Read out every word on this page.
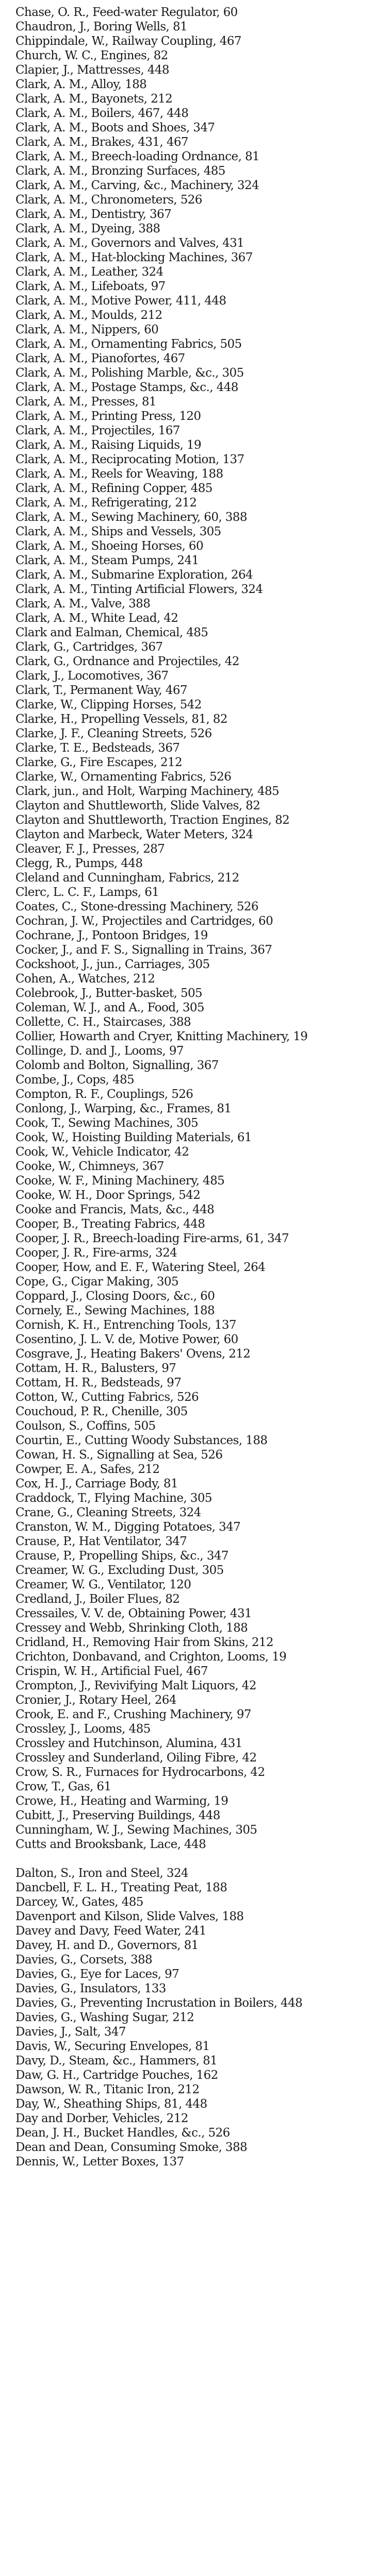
Chase, O. R., Feed-water Regulator, 60

Chaudron, J., Boring Wells, 81

Chippindale, W., Railway Coupling, 467

Church, W. C., Engines, 82

Clapier, J., Mattresses, 448

Clark, A. M., Alloy, 188

Clark, A. M., Bayonets, 212

Clark, A. M., Boilers, 467, 448

Clark, A. M., Boots and Shoes, 347

Clark, A. M., Brakes, 431, 467

Clark, A. M., Breech-loading Ordnance, 81

Clark, A. M., Bronzing Surfaces, 485

Clark, A. M., Carving, &c., Machinery, 324

Clark, A. M., Chronometers, 526

Clark, A. M., Dentistry, 367

Clark, A. M., Dyeing, 388

Clark, A. M., Governors and Valves, 431

Clark, A. M., Hat-blocking Machines, 367

Clark, A. M., Leather, 324

Clark, A. M., Lifeboats, 97

Clark, A. M., Motive Power, 411, 448

Clark, A. M., Moulds, 212

Clark, A. M., Nippers, 60

Clark, A. M., Ornamenting Fabrics, 505

Clark, A. M., Pianofortes, 467

Clark, A. M., Polishing Marble, &c., 305

Clark, A. M., Postage Stamps, &c., 448

Clark, A. M., Presses, 81

Clark, A. M., Printing Press, 120

Clark, A. M., Projectiles, 167

Clark, A. M., Raising Liquids, 19

Clark, A. M., Reciprocating Motion, 137

Clark, A. M., Reels for Weaving, 188

Clark, A. M., Refining Copper, 485

Clark, A. M., Refrigerating, 212

Clark, A. M., Sewing Machinery, 60, 388

Clark, A. M., Ships and Vessels, 305

Clark, A. M., Shoeing Horses, 60

Clark, A. M., Steam Pumps, 241

Clark, A. M., Submarine Exploration, 264

Clark, A. M., Tinting Artificial Flowers, 324

Clark, A. M., Valve, 388

Clark, A. M., White Lead, 42

Clark and Ealman, Chemical, 485

Clark, G., Cartridges, 367

Clark, G., Ordnance and Projectiles, 42

Clark, J., Locomotives, 367

Clark, T., Permanent Way, 467

Clarke, W., Clipping Horses, 542

Clarke, H., Propelling Vessels, 81, 82

Clarke, J. F., Cleaning Streets, 526

Clarke, T. E., Bedsteads, 367

Clarke, G., Fire Escapes, 212

Clarke, W., Ornamenting Fabrics, 526

Clark, jun., and Holt, Warping Machinery, 485

Clayton and Shuttleworth, Slide Valves, 82

Clayton and Shuttleworth, Traction Engines, 82

Clayton and Marbeck, Water Meters, 324

Cleaver, F. J., Presses, 287

Clegg, R., Pumps, 448

Cleland and Cunningham, Fabrics, 212

Clerc, L. C. F., Lamps, 61

Coates, C., Stone-dressing Machinery, 526

Cochran, J. W., Projectiles and Cartridges, 60

Cochrane, J., Pontoon Bridges, 19

Cocker, J., and F. S., Signalling in Trains, 367

Cockshoot, J., jun., Carriages, 305

Cohen, A., Watches, 212

Colebrook, J., Butter-basket, 505

Coleman, W. J., and A., Food, 305

Collette, C. H., Staircases, 388

Collier, Howarth and Cryer, Knitting Machinery, 19

Collinge, D. and J., Looms, 97

Colomb and Bolton, Signalling, 367

Combe, J., Cops, 485

Compton, R. F., Couplings, 526

Conlong, J., Warping, &c., Frames, 81

Cook, T., Sewing Machines, 305

Cook, W., Hoisting Building Materials, 61

Cook, W., Vehicle Indicator, 42

Cooke, W., Chimneys, 367

Cooke, W. F., Mining Machinery, 485

Cooke, W. H., Door Springs, 542

Cooke and Francis, Mats, &c., 448

Cooper, B., Treating Fabrics, 448

Cooper, J. R., Breech-loading Fire-arms, 61, 347

Cooper, J. R., Fire-arms, 324

Cooper, How, and E. F., Watering Steel, 264

Cope, G., Cigar Making, 305

Coppard, J., Closing Doors, &c., 60

Cornely, E., Sewing Machines, 188

Cornish, K. H., Entrenching Tools, 137

Cosentino, J. L. V. de, Motive Power, 60

Cosgrave, J., Heating Bakers' Ovens, 212

Cottam, H. R., Balusters, 97

Cottam, H. R., Bedsteads, 97

Cotton, W., Cutting Fabrics, 526

Couchoud, P. R., Chenille, 305

Coulson, S., Coffins, 505

Courtin, E., Cutting Woody Substances, 188

Cowan, H. S., Signalling at Sea, 526

Cowper, E. A., Safes, 212

Cox, H. J., Carriage Body, 81

Craddock, T., Flying Machine, 305

Crane, G., Cleaning Streets, 324

Cranston, W. M., Digging Potatoes, 347

Crause, P., Hat Ventilator, 347

Crause, P., Propelling Ships, &c., 347

Creamer, W. G., Excluding Dust, 305

Creamer, W. G., Ventilator, 120

Credland, J., Boiler Flues, 82

Cressailes, V. V. de, Obtaining Power, 431

Cressey and Webb, Shrinking Cloth, 188

Cridland, H., Removing Hair from Skins, 212

Crichton, Donbavand, and Crighton, Looms, 19

Crispin, W. H., Artificial Fuel, 467

Crompton, J., Revivifying Malt Liquors, 42

Cronier, J., Rotary Heel, 264

Crook, E. and F., Crushing Machinery, 97

Crossley, J., Looms, 485

Crossley and Hutchinson, Alumina, 431

Crossley and Sunderland, Oiling Fibre, 42

Crow, S. R., Furnaces for Hydrocarbons, 42

Crow, T., Gas, 61

Crowe, H., Heating and Warming, 19

Cubitt, J., Preserving Buildings, 448

Cunningham, W. J., Sewing Machines, 305

Cutts and Brooksbank, Lace, 448

Dalton, S., Iron and Steel, 324

Dancbell, F. L. H., Treating Peat, 188

Darcey, W., Gates, 485

Davenport and Kilson, Slide Valves, 188

Davey and Davy, Feed Water, 241

Davey, H. and D., Governors, 81

Davies, G., Corsets, 388

Davies, G., Eye for Laces, 97

Davies, G., Insulators, 133

Davies, G., Preventing Incrustation in Boilers, 448

Davies, G., Washing Sugar, 212

Davies, J., Salt, 347

Davis, W., Securing Envelopes, 81

Davy, D., Steam, &c., Hammers, 81

Daw, G. H., Cartridge Pouches, 162

Dawson, W. R., Titanic Iron, 212

Day, W., Sheathing Ships, 81, 448

Day and Dorber, Vehicles, 212

Dean, J. H., Bucket Handles, &c., 526

Dean and Dean, Consuming Smoke, 388

Dennis, W., Letter Boxes, 137
